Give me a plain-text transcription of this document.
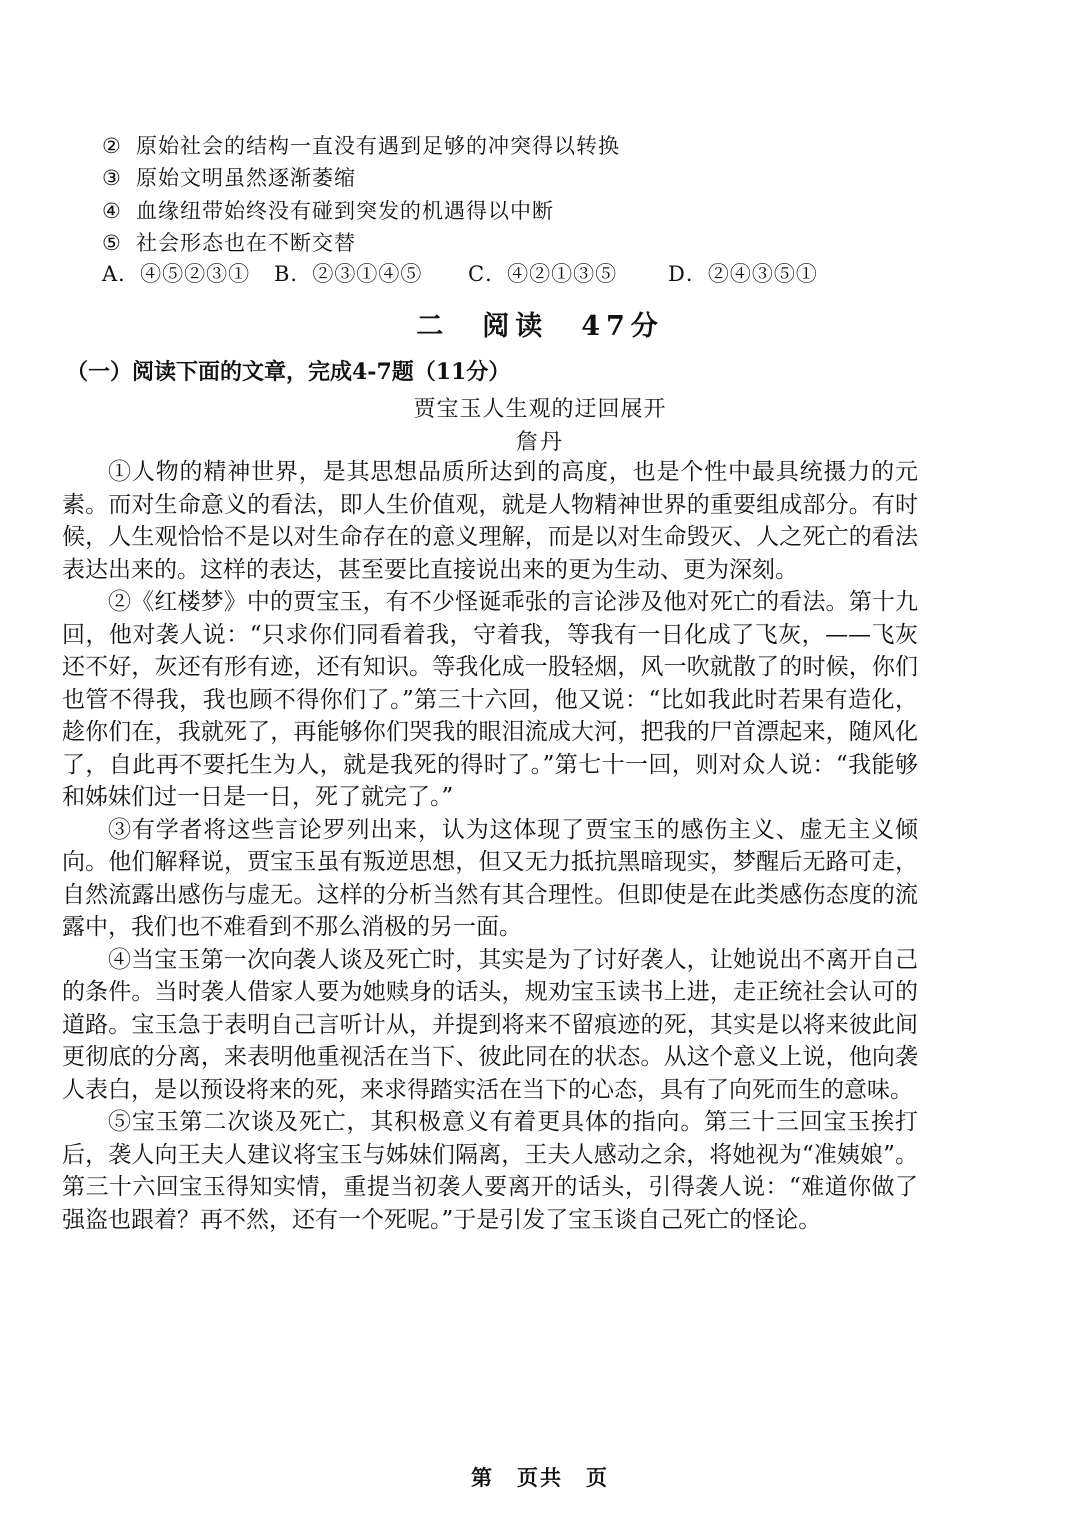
② 原始社会的结构一直没有遇到足够的冲突得以转换
③ 原始文明虽然逐渐萎缩
④ 血缘纽带始终没有碰到突发的机遇得以中断
⑤ 社会形态也在不断交替
A．④⑤②③① B．②③①④⑤ C．④②①③⑤ D．②④③⑤①
二　阅读　47分
（一）阅读下面的文章，完成4-7题（11分）
贾宝玉人生观的迂回展开
詹丹

①人物的精神世界，是其思想品质所达到的高度，也是个性中最具统摄力的元素。而对生命意义的看法，即人生价值观，就是人物精神世界的重要组成部分。有时候，人生观恰恰不是以对生命存在的意义理解，而是以对生命毁灭、人之死亡的看法表达出来的。这样的表达，甚至要比直接说出来的更为生动、更为深刻。

②《红楼梦》中的贾宝玉，有不少怪诞乖张的言论涉及他对死亡的看法。第十九回，他对袭人说：“只求你们同看着我，守着我，等我有一日化成了飞灰，——飞灰还不好，灰还有形有迹，还有知识。等我化成一股轻烟，风一吹就散了的时候，你们也管不得我，我也顾不得你们了。”第三十六回，他又说：“比如我此时若果有造化，趁你们在，我就死了，再能够你们哭我的眼泪流成大河，把我的尸首漂起来，随风化了，自此再不要托生为人，就是我死的得时了。”第七十一回，则对众人说：“我能够和姊妹们过一日是一日，死了就完了。”

③有学者将这些言论罗列出来，认为这体现了贾宝玉的感伤主义、虚无主义倾向。他们解释说，贾宝玉虽有叛逆思想，但又无力抵抗黑暗现实，梦醒后无路可走，自然流露出感伤与虚无。这样的分析当然有其合理性。但即使是在此类感伤态度的流露中，我们也不难看到不那么消极的另一面。

④当宝玉第一次向袭人谈及死亡时，其实是为了讨好袭人，让她说出不离开自己的条件。当时袭人借家人要为她赎身的话头，规劝宝玉读书上进，走正统社会认可的道路。宝玉急于表明自己言听计从，并提到将来不留痕迹的死，其实是以将来彼此间更彻底的分离，来表明他重视活在当下、彼此同在的状态。从这个意义上说，他向袭人表白，是以预设将来的死，来求得踏实活在当下的心态，具有了向死而生的意味。

⑤宝玉第二次谈及死亡，其积极意义有着更具体的指向。第三十三回宝玉挨打后，袭人向王夫人建议将宝玉与姊妹们隔离，王夫人感动之余，将她视为“准姨娘”。第三十六回宝玉得知实情，重提当初袭人要离开的话头，引得袭人说：“难道你做了强盗也跟着？再不然，还有一个死呢。”于是引发了宝玉谈自己死亡的怪论。

第　页共　页
